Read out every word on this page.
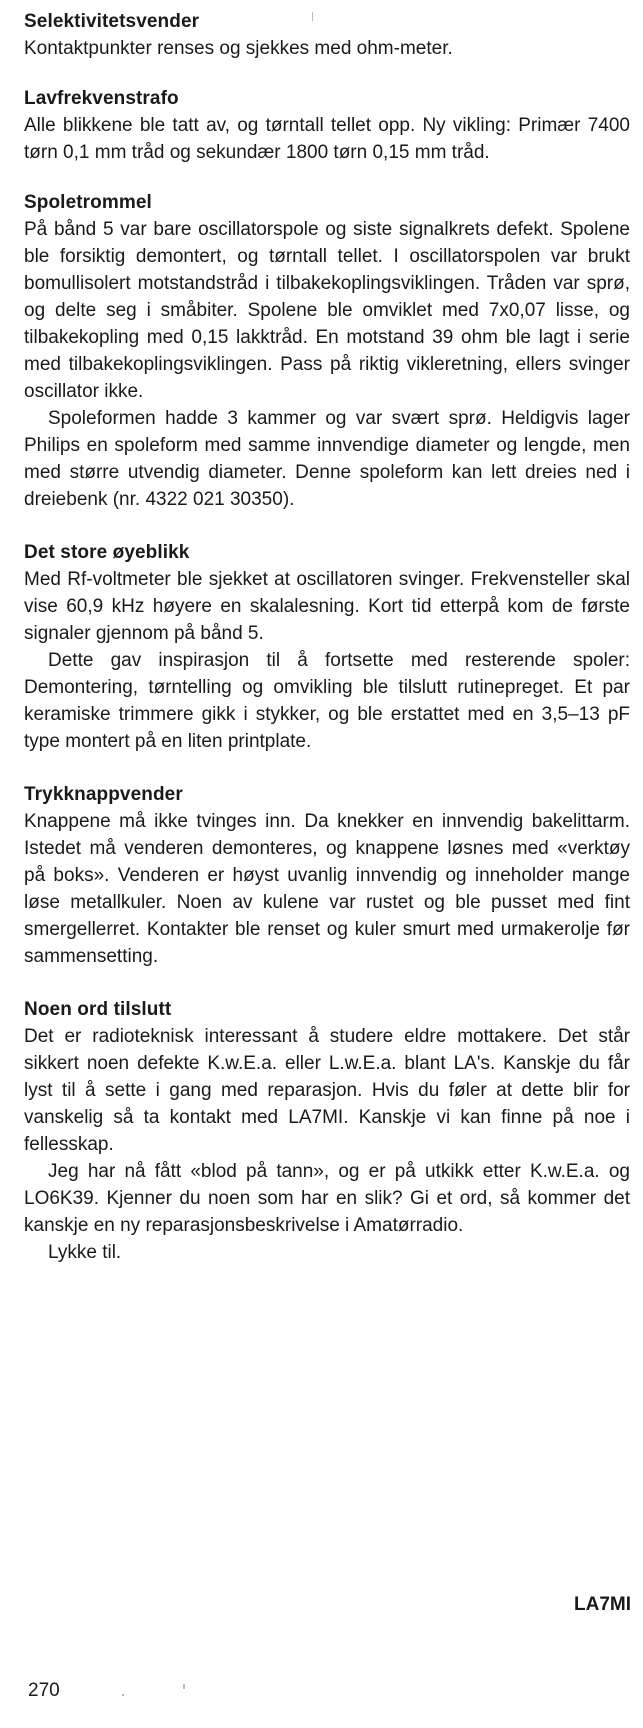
Selektivitetsvender

Kontaktpunkter renses og sjekkes med ohm-meter.

Lavfrekvenstrafo

Alle blikkene ble tatt av, og tørntall tellet opp. Ny vikling: Primær 7400 tørn 0,1 mm tråd og sekundær 1800 tørn 0,15 mm tråd.

Spoletrommel

På bånd 5 var bare oscillatorspole og siste signalkrets defekt. Spolene ble forsiktig demontert, og tørntall tellet. I oscillatorspolen var brukt bomullisolert motstandstråd i tilbakekoplingsviklingen. Tråden var sprø, og delte seg i småbiter. Spolene ble omviklet med 7x0,07 lisse, og tilbakekopling med 0,15 lakktråd. En motstand 39 ohm ble lagt i serie med tilbakekoplingsviklingen. Pass på riktig vikleretning, ellers svinger oscillator ikke.

Spoleformen hadde 3 kammer og var svært sprø. Heldigvis lager Philips en spoleform med samme innvendige diameter og lengde, men med større utvendig diameter. Denne spoleform kan lett dreies ned i dreiebenk (nr. 4322 021 30350).

Det store øyeblikk

Med Rf-voltmeter ble sjekket at oscillatoren svinger. Frekvensteller skal vise 60,9 kHz høyere en skalalesning. Kort tid etterpå kom de første signaler gjennom på bånd 5.

Dette gav inspirasjon til å fortsette med resterende spoler: Demontering, tørntelling og omvikling ble tilslutt rutinepreget. Et par keramiske trimmere gikk i stykker, og ble erstattet med en 3,5–13 pF type montert på en liten printplate.

Trykknappvender

Knappene må ikke tvinges inn. Da knekker en innvendig bakelittarm. Istedet må venderen demonteres, og knappene løsnes med «verktøy på boks». Venderen er høyst uvanlig innvendig og inneholder mange løse metallkuler. Noen av kulene var rustet og ble pusset med fint smergellerret. Kontakter ble renset og kuler smurt med urmakerolje før sammensetting.

Noen ord tilslutt

Det er radioteknisk interessant å studere eldre mottakere. Det står sikkert noen defekte K.w.E.a. eller L.w.E.a. blant LA's. Kanskje du får lyst til å sette i gang med reparasjon. Hvis du føler at dette blir for vanskelig så ta kontakt med LA7MI. Kanskje vi kan finne på noe i fellesskap.

Jeg har nå fått «blod på tann», og er på utkikk etter K.w.E.a. og LO6K39. Kjenner du noen som har en slik? Gi et ord, så kommer det kanskje en ny reparasjonsbeskrivelse i Amatørradio.

Lykke til.

LA7MI
270
